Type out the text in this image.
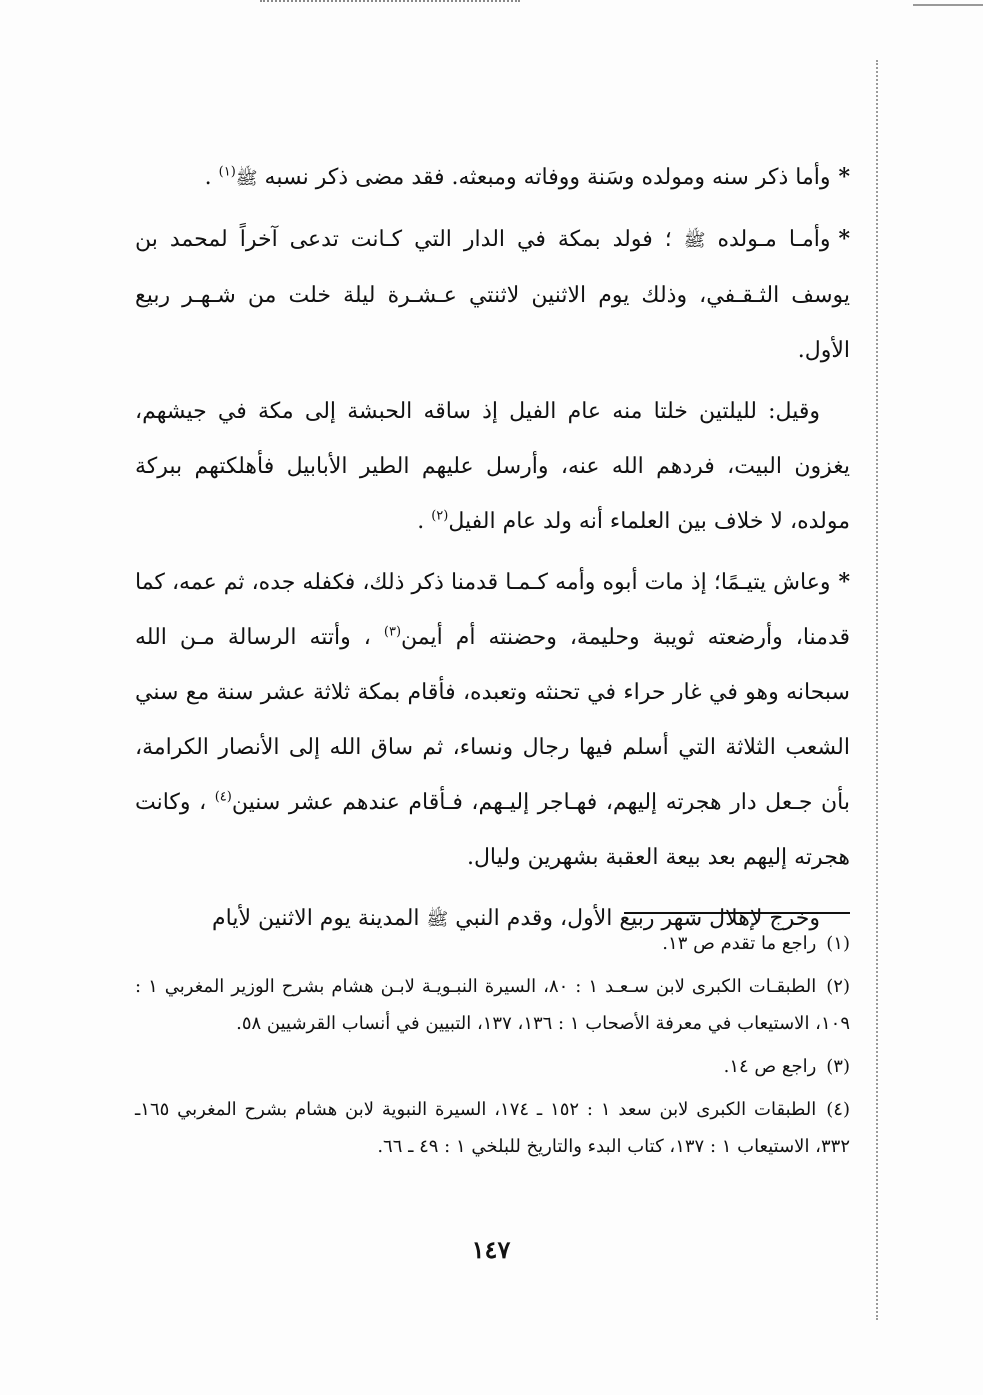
*وأما ذكر سنه ومولده وسَنة ووفاته ومبعثه. فقد مضى ذكر نسبه ﷺ$^{(١)}$ .

*وأمـا مـولده ﷺ ؛ فولد بمكة في الدار التي كـانت تدعى آخراً لمحمد بن يوسف الثـقـفي، وذلك يوم الاثنين لاثنتي عـشـرة ليلة خلت من شـهـر ربيع الأول.

وقيل: لليلتين خلتا منه عام الفيل إذ ساقه الحبشة إلى مكة في جيشهم، يغزون البيت، فردهم الله عنه، وأرسل عليهم الطير الأبابيل فأهلكتهم ببركة مولده، لا خلاف بين العلماء أنه ولد عام الفيل$^{(٢)}$ .

*وعاش يتيـمًا؛ إذ مات أبوه وأمه كـمـا قدمنا ذكر ذلك، فكفله جده، ثم عمه، كما قدمنا، وأرضعته ثويبة وحليمة، وحضنته أم أيمن$^{(٣)}$ ، وأتته الرسالة مـن الله سبحانه وهو في غار حراء في تحنثه وتعبده، فأقام بمكة ثلاثة عشر سنة مع سني الشعب الثلاثة التي أسلم فيها رجال ونساء، ثم ساق الله إلى الأنصار الكرامة، بأن جـعل دار هجرته إليهم، فهـاجر إليـهم، فـأقام عندهم عشر سنين$^{(٤)}$ ، وكانت هجرته إليهم بعد بيعة العقبة بشهرين وليال.

وخرج لإهلال شهر ربيع الأول، وقدم النبي ﷺ المدينة يوم الاثنين لأيام

(١)راجع ما تقدم ص ١٣.

(٢)الطبقـات الكبرى لابن سـعـد ١ : ٨٠، السيرة النبـويـة لابـن هشام بشرح الوزير المغربي ١ : ١٠٩، الاستيعاب في معرفة الأصحاب ١ : ١٣٦، ١٣٧، التبيين في أنساب القرشيين ٥٨.

(٣)راجع ص ١٤.

(٤)الطبقات الكبرى لابن سعد ١ : ١٥٢ ـ ١٧٤، السيرة النبوية لابن هشام بشرح المغربي ١٦٥ـ ٣٣٢، الاستيعاب ١ : ١٣٧، كتاب البدء والتاريخ للبلخي ١ : ٤٩ ـ ٦٦.

١٤٧
